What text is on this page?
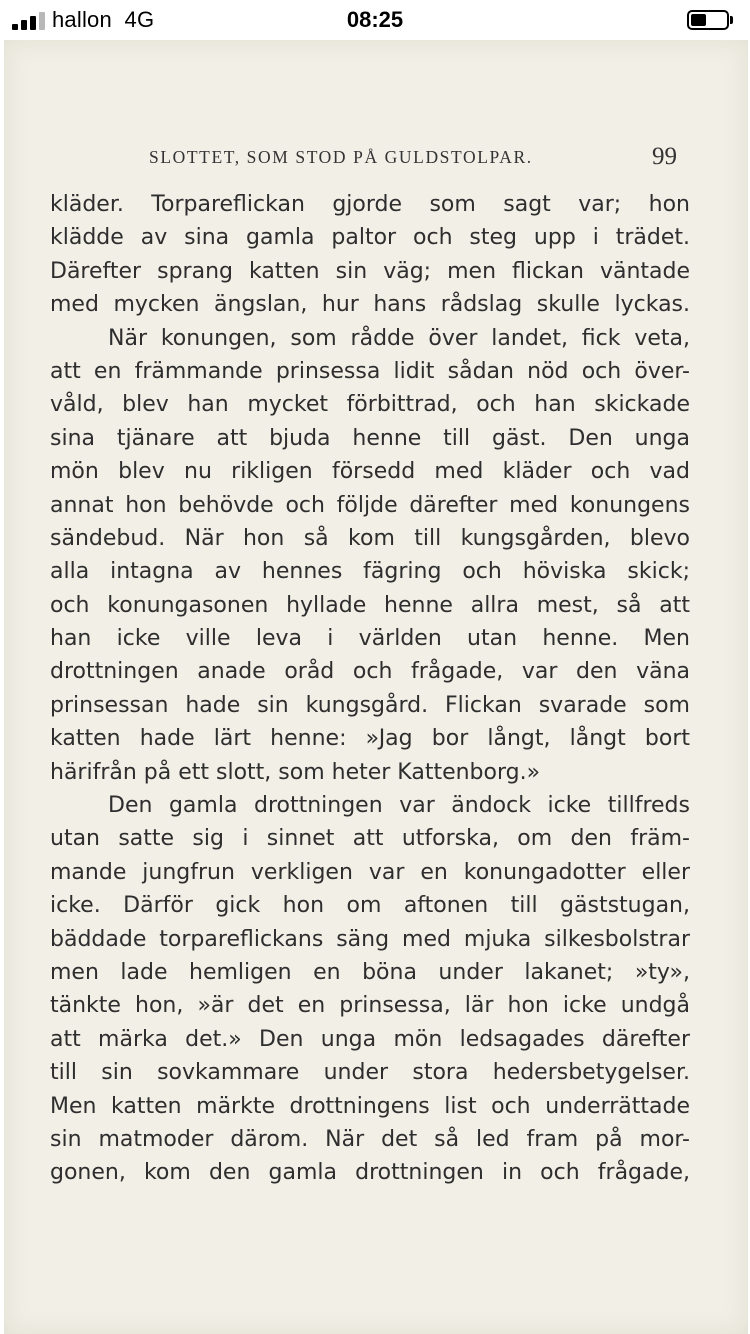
hallon 4G	08:25
SLOTTET, SOM STOD PÅ GULDSTOLPAR.	99
kläder. Torpareflickan gjorde som sagt var; hon
klädde av sina gamla paltor och steg upp i trädet.
Därefter sprang katten sin väg; men flickan väntade
med mycken ängslan, hur hans rådslag skulle lyckas.
När konungen, som rådde över landet, fick veta,
att en främmande prinsessa lidit sådan nöd och över-
våld, blev han mycket förbittrad, och han skickade
sina tjänare att bjuda henne till gäst. Den unga
mön blev nu rikligen försedd med kläder och vad
annat hon behövde och följde därefter med konungens
sändebud. När hon så kom till kungsgården, blevo
alla intagna av hennes fägring och höviska skick;
och konungasonen hyllade henne allra mest, så att
han icke ville leva i världen utan henne. Men
drottningen anade oråd och frågade, var den väna
prinsessan hade sin kungsgård. Flickan svarade som
katten hade lärt henne: »Jag bor långt, långt bort
härifrån på ett slott, som heter Kattenborg.»
Den gamla drottningen var ändock icke tillfreds
utan satte sig i sinnet att utforska, om den främ-
mande jungfrun verkligen var en konungadotter eller
icke. Därför gick hon om aftonen till gäststugan,
bäddade torpareflickans säng med mjuka silkesbolstrar
men lade hemligen en böna under lakanet; »ty»,
tänkte hon, »är det en prinsessa, lär hon icke undgå
att märka det.» Den unga mön ledsagades därefter
till sin sovkammare under stora hedersbetygelser.
Men katten märkte drottningens list och underrättade
sin matmoder därom. När det så led fram på mor-
gonen, kom den gamla drottningen in och frågade,
